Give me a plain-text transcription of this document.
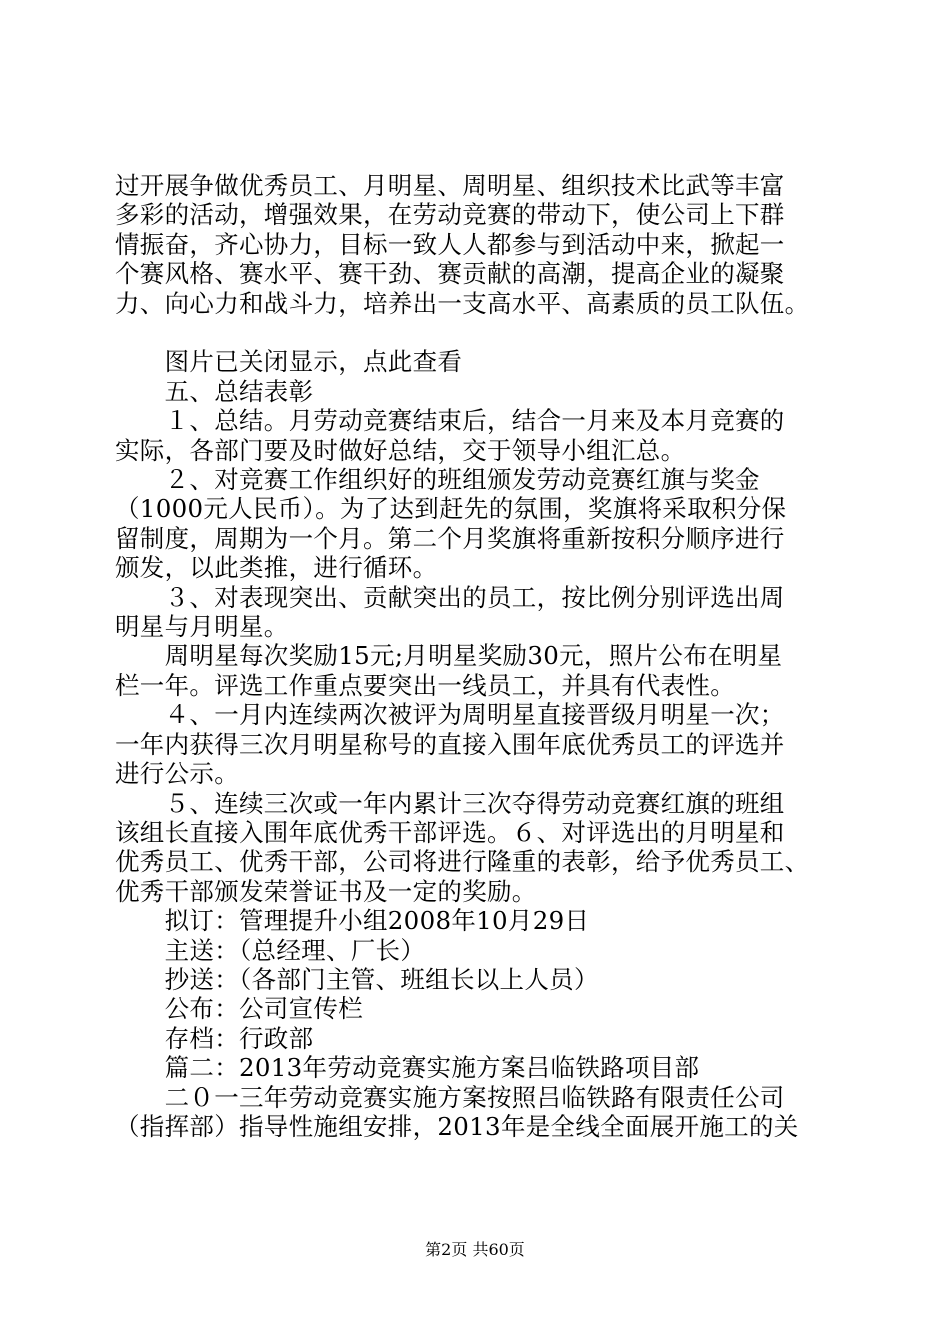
过开展争做优秀员工、月明星、周明星、组织技术比武等丰富

多彩的活动，增强效果，在劳动竞赛的带动下，使公司上下群

情振奋，齐心协力，目标一致人人都参与到活动中来，掀起一

个赛风格、赛水平、赛干劲、赛贡献的高潮，提高企业的凝聚

力、向心力和战斗力，培养出一支高水平、高素质的员工队伍。

　　图片已关闭显示，点此查看

　　五、总结表彰

　　１、总结。月劳动竞赛结束后，结合一月来及本月竞赛的

实际，各部门要及时做好总结，交于领导小组汇总。

　　２、对竞赛工作组织好的班组颁发劳动竞赛红旗与奖金

（1000元人民币）。为了达到赶先的氛围，奖旗将采取积分保

留制度，周期为一个月。第二个月奖旗将重新按积分顺序进行

颁发，以此类推，进行循环。

　　３、对表现突出、贡献突出的员工，按比例分别评选出周

明星与月明星。

　　周明星每次奖励15元;月明星奖励30元，照片公布在明星

栏一年。评选工作重点要突出一线员工，并具有代表性。

　　４、一月内连续两次被评为周明星直接晋级月明星一次；

一年内获得三次月明星称号的直接入围年底优秀员工的评选并

进行公示。

　　５、连续三次或一年内累计三次夺得劳动竞赛红旗的班组

该组长直接入围年底优秀干部评选。６、对评选出的月明星和

优秀员工、优秀干部，公司将进行隆重的表彰，给予优秀员工、

优秀干部颁发荣誉证书及一定的奖励。

　　拟订：管理提升小组2008年10月29日

　　主送：（总经理、厂长）

　　抄送：（各部门主管、班组长以上人员）

　　公布：公司宣传栏

　　存档：行政部

　　篇二：2013年劳动竞赛实施方案吕临铁路项目部

　　二０一三年劳动竞赛实施方案按照吕临铁路有限责任公司

（指挥部）指导性施组安排，2013年是全线全面展开施工的关

第2页 共60页
